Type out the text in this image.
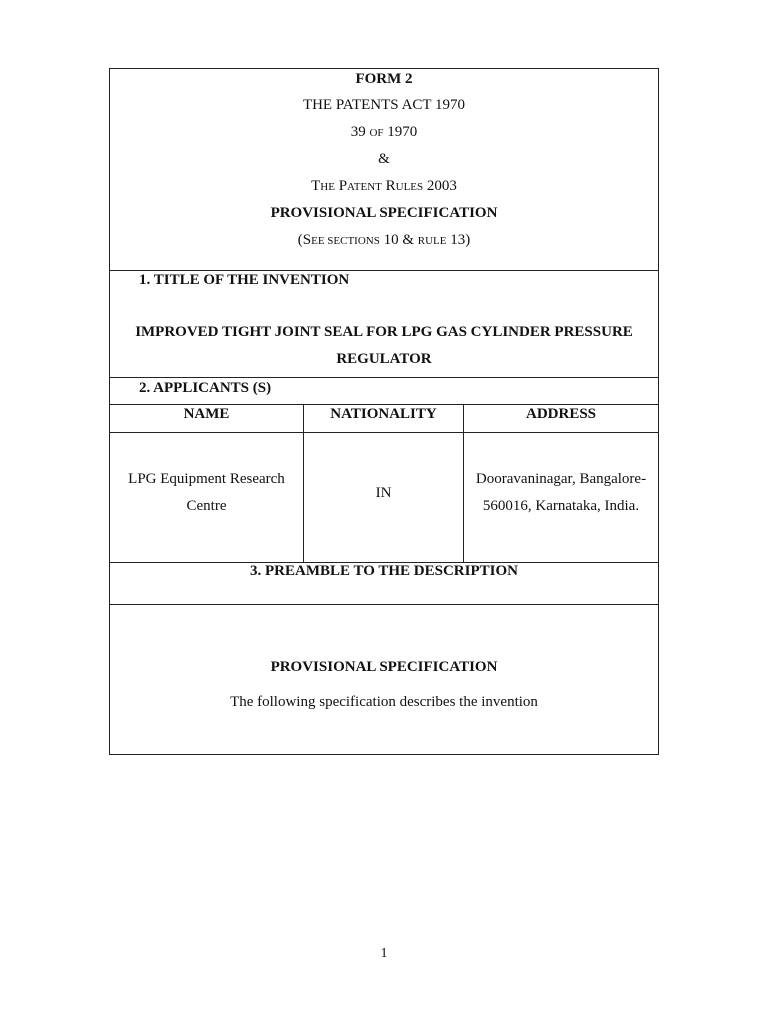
FORM 2
THE PATENTS ACT 1970
39 OF 1970
&
THE PATENT RULES 2003
PROVISIONAL SPECIFICATION
(SEE SECTIONS 10 & RULE 13)
1. TITLE OF THE INVENTION
IMPROVED TIGHT JOINT SEAL FOR LPG GAS CYLINDER PRESSURE
REGULATOR
2. APPLICANTS (S)
NAME	NATIONALITY	ADDRESS
LPG Equipment Research
Centre
IN
Dooravaninagar, Bangalore-
560016, Karnataka, India.
3. PREAMBLE TO THE DESCRIPTION
PROVISIONAL SPECIFICATION
The following specification describes the invention
1
